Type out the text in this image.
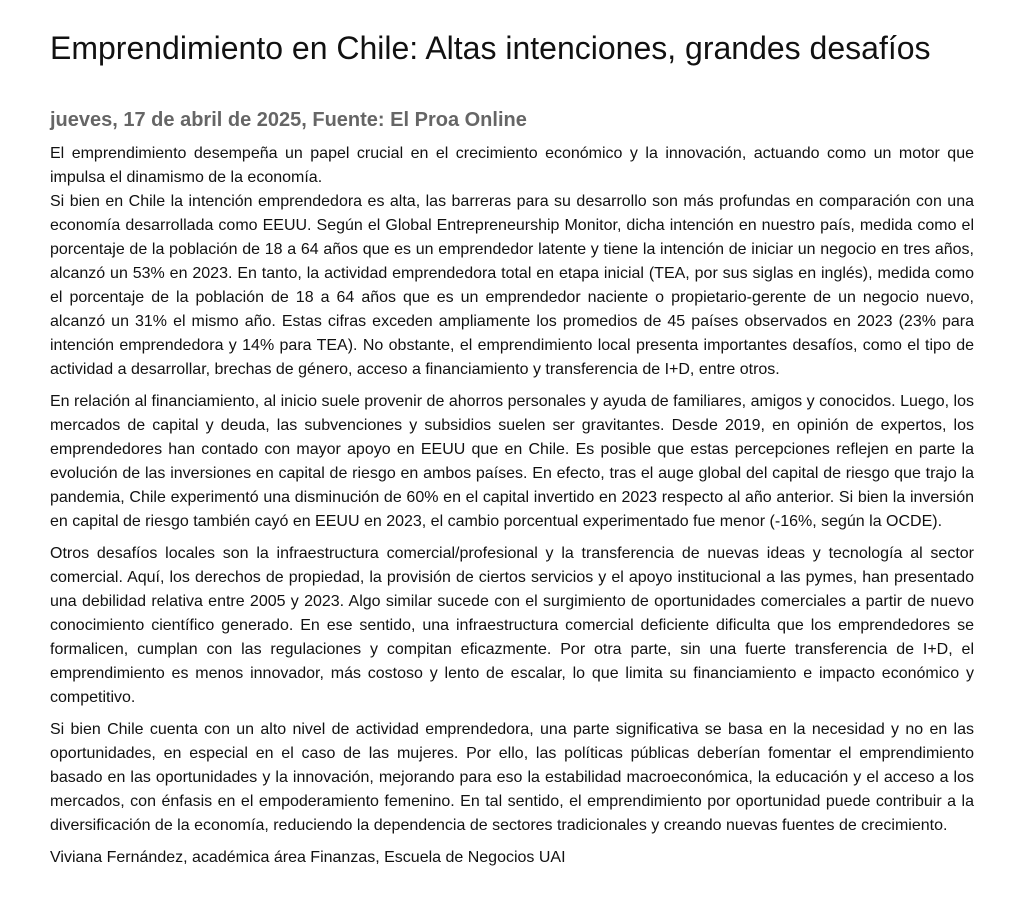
Emprendimiento en Chile: Altas intenciones, grandes desafíos
jueves, 17 de abril de 2025, Fuente: El Proa Online

El emprendimiento desempeña un papel crucial en el crecimiento económico y la innovación, actuando como un motor que impulsa el dinamismo de la economía.

Si bien en Chile la intención emprendedora es alta, las barreras para su desarrollo son más profundas en comparación con una economía desarrollada como EEUU. Según el Global Entrepreneurship Monitor, dicha intención en nuestro país, medida como el porcentaje de la población de 18 a 64 años que es un emprendedor latente y tiene la intención de iniciar un negocio en tres años, alcanzó un 53% en 2023. En tanto, la actividad emprendedora total en etapa inicial (TEA, por sus siglas en inglés), medida como el porcentaje de la población de 18 a 64 años que es un emprendedor naciente o propietario-gerente de un negocio nuevo, alcanzó un 31% el mismo año. Estas cifras exceden ampliamente los promedios de 45 países observados en 2023 (23% para intención emprendedora y 14% para TEA). No obstante, el emprendimiento local presenta importantes desafíos, como el tipo de actividad a desarrollar, brechas de género, acceso a financiamiento y transferencia de I+D, entre otros.

En relación al financiamiento, al inicio suele provenir de ahorros personales y ayuda de familiares, amigos y conocidos. Luego, los mercados de capital y deuda, las subvenciones y subsidios suelen ser gravitantes. Desde 2019, en opinión de expertos, los emprendedores han contado con mayor apoyo en EEUU que en Chile. Es posible que estas percepciones reflejen en parte la evolución de las inversiones en capital de riesgo en ambos países. En efecto, tras el auge global del capital de riesgo que trajo la pandemia, Chile experimentó una disminución de 60% en el capital invertido en 2023 respecto al año anterior. Si bien la inversión en capital de riesgo también cayó en EEUU en 2023, el cambio porcentual experimentado fue menor (-16%, según la OCDE).

Otros desafíos locales son la infraestructura comercial/profesional y la transferencia de nuevas ideas y tecnología al sector comercial. Aquí, los derechos de propiedad, la provisión de ciertos servicios y el apoyo institucional a las pymes, han presentado una debilidad relativa entre 2005 y 2023. Algo similar sucede con el surgimiento de oportunidades comerciales a partir de nuevo conocimiento científico generado. En ese sentido, una infraestructura comercial deficiente dificulta que los emprendedores se formalicen, cumplan con las regulaciones y compitan eficazmente. Por otra parte, sin una fuerte transferencia de I+D, el emprendimiento es menos innovador, más costoso y lento de escalar, lo que limita su financiamiento e impacto económico y competitivo.

Si bien Chile cuenta con un alto nivel de actividad emprendedora, una parte significativa se basa en la necesidad y no en las oportunidades, en especial en el caso de las mujeres. Por ello, las políticas públicas deberían fomentar el emprendimiento basado en las oportunidades y la innovación, mejorando para eso la estabilidad macroeconómica, la educación y el acceso a los mercados, con énfasis en el empoderamiento femenino. En tal sentido, el emprendimiento por oportunidad puede contribuir a la diversificación de la economía, reduciendo la dependencia de sectores tradicionales y creando nuevas fuentes de crecimiento.

Viviana Fernández, académica área Finanzas, Escuela de Negocios UAI
